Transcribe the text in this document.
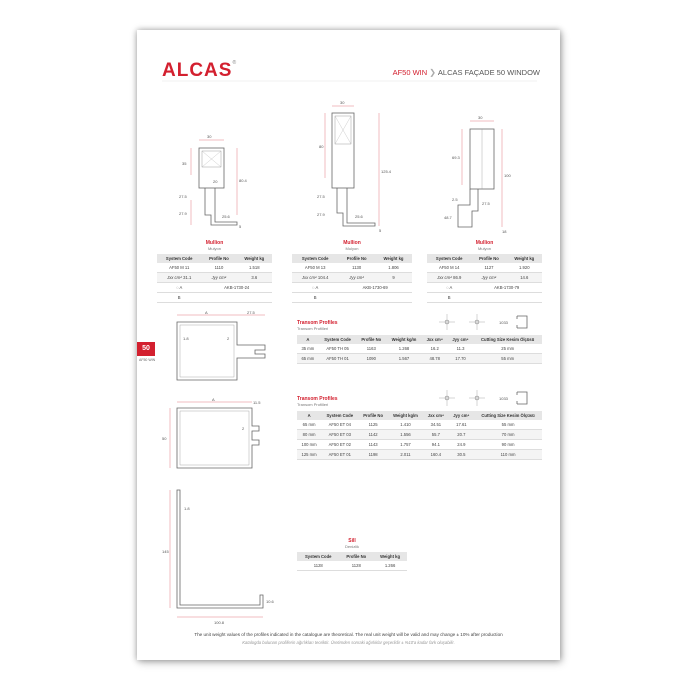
ALCAS®
AF50 WIN ❯ ALCAS FAÇADE 50 WINDOW
50
AF50 WIN
30
35
20	80.4
27.5
27.9
25.6
5
30
80
125.4
27.5
27.9	25.6
5
30
69.3
100
2.5
48.7
27.5
18
Mullion
Mulyon
System Code	Profile No	Weight kg
AF50 M 11	1110	1.518
Jxx cm⁴ 31.1	Jyy cm⁴	3.6
◌ A	AKB-1730-24	
B		
Mullion
Mulyon
System Code	Profile No	Weight kg
AF50 M 13	1130	1.806
Jxx cm⁴ 104.4	Jyy cm⁴	9
◌ A	AKB-1730-69	
B		
Mullion
Mulyon
System Code	Profile No	Weight kg
AF50 M 14	1127	1.920
Jxx cm⁴ 86.9	Jyy cm⁴	14.6
◌ A	AKB-1730-79	
B		
A	27.5
1.8	2
A
11.5
50
2
1.8
145
100.8
10.6
Transom Profiles
Transom Profilleri
1033
A	System Code	Profile No	Weight kg/m	Jxx cm⁴	Jyy cm⁴	Cutting Size Kesim Ölçüsü
35 mm	AF50 TH 05	1163	1.268	16.2	11.3	25 mm
65 mm	AF50 TH 01	1090	1.567	48.78	17.70	55 mm
Transom Profiles
Transom Profilleri
1033
A	System Code	Profile No	Weight kg/m	Jxx cm⁴	Jyy cm⁴	Cutting Size Kesim Ölçüsü
65 mm	AF50 ET 04	1125	1.410	34.51	17.61	55 mm
80 mm	AF50 ET 03	1142	1.556	55.7	20.7	70 mm
100 mm	AF50 ET 02	1143	1.757	94.1	24.9	90 mm
125 mm	AF50 ET 01	1198	2.011	160.4	30.5	110 mm
Sill
Denizlik
System Code	Profile No	Weight kg
1128	1128	1.266
The unit weight values of the profiles indicated in the catalogue are theoretical. The real unit weight will be valid and may change ± 10% after production
Katalogda bulunan profillerin ağırlıkları teoriktir. Üretimden sonraki ağırlıklar geçerlidir ± %10'a kadar fark oluşabilir.
